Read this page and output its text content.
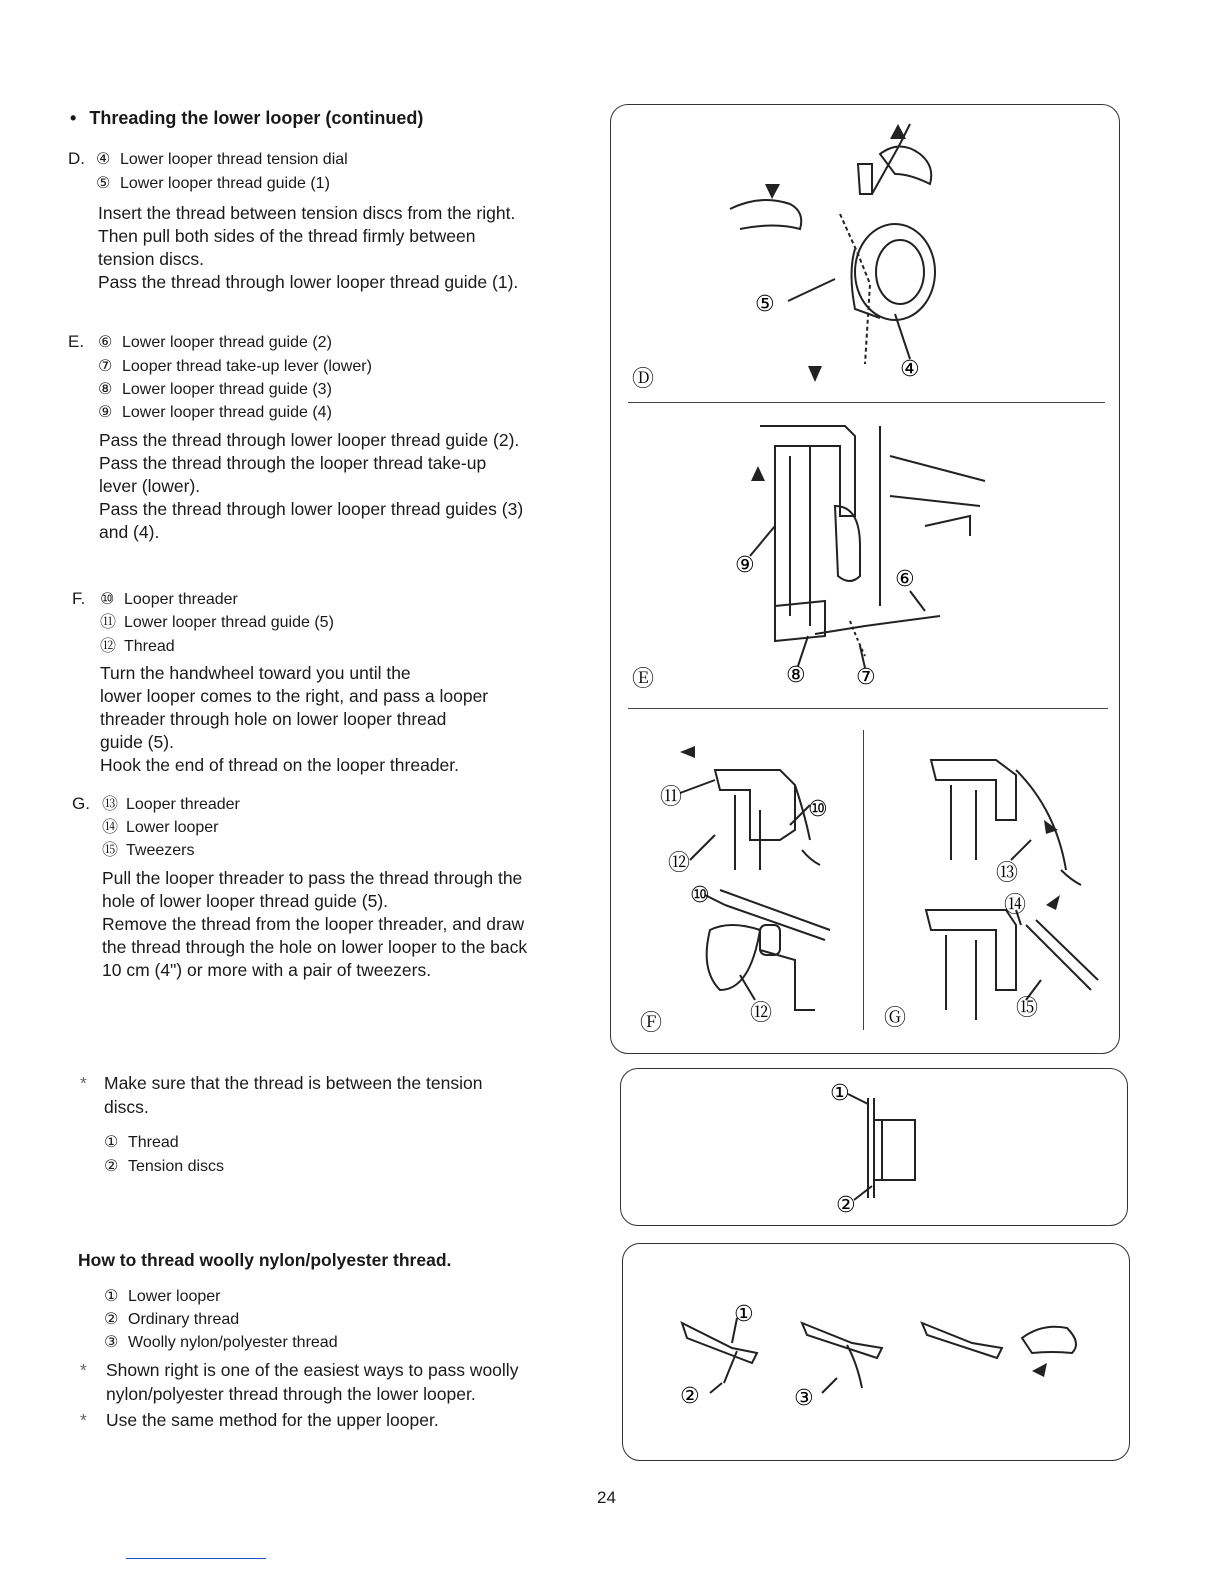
• Threading the lower looper (continued)
D. ④ Lower looper thread tension dial
⑤ Lower looper thread guide (1)

Insert the thread between tension discs from the right.

Then pull both sides of the thread firmly between

tension discs.

Pass the thread through lower looper thread guide (1).

E. ⑥ Lower looper thread guide (2)
⑦ Looper thread take-up lever (lower)
⑧ Lower looper thread guide (3)
⑨ Lower looper thread guide (4)

Pass the thread through lower looper thread guide (2).

Pass the thread through the looper thread take-up

lever (lower).

Pass the thread through lower looper thread guides (3)

and (4).

F. ⑩ Looper threader
⑪ Lower looper thread guide (5)
⑫ Thread

Turn the handwheel toward you until the

lower looper comes to the right, and pass a looper

threader through hole on lower looper thread

guide (5).

Hook the end of thread on the looper threader.

G. ⑬ Looper threader
⑭ Lower looper
⑮ Tweezers

Pull the looper threader to pass the thread through the

hole of lower looper thread guide (5).

Remove the thread from the looper threader, and draw

the thread through the hole on lower looper to the back

10 cm (4") or more with a pair of tweezers.

* Make sure that the thread is between the tension
discs.
① Thread
② Tension discs
How to thread woolly nylon/polyester thread.
① Lower looper
② Ordinary thread
③ Woolly nylon/polyester thread
* Shown right is one of the easiest ways to pass woolly
nylon/polyester thread through the lower looper.
* Use the same method for the upper looper.
⑤
④
Ⓓ
⑨
⑥
⑧ ⑦
Ⓔ
⑪	⑩
⑫
⑩
⑫
Ⓕ
⑬
⑭
⑮
Ⓖ
①
②
①
②	③
24
